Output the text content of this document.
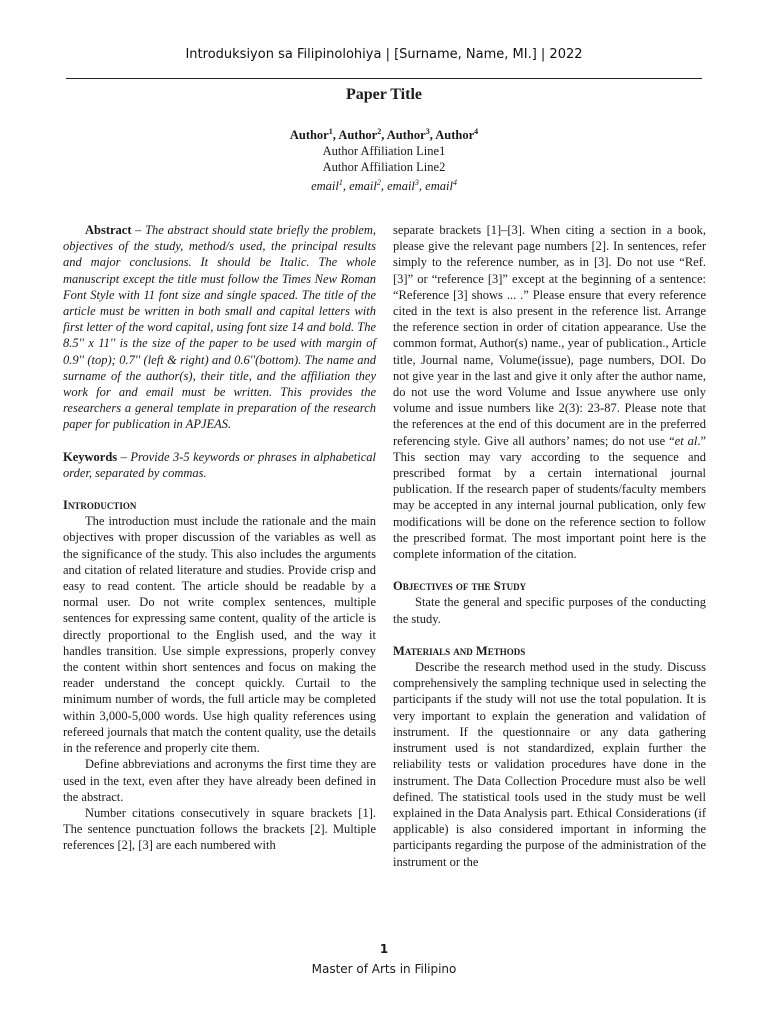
Introduksiyon sa Filipinolohiya | [Surname, Name, MI.] | 2022
Paper Title
Author$^1$, Author$^2$, Author$^3$, Author$^4$
Author Affiliation Line1
Author Affiliation Line2
email$^1$, email$^2$, email$^3$, email$^4$

Abstract – The abstract should state briefly the problem, objectives of the study, method/s used, the principal results and major conclusions. It should be Italic. The whole manuscript except the title must follow the Times New Roman Font Style with 11 font size and single spaced. The title of the article must be written in both small and capital letters with first letter of the word capital, using font size 14 and bold. The 8.5'' x 11'' is the size of the paper to be used with margin of 0.9'' (top); 0.7'' (left & right) and 0.6''(bottom). The name and surname of the author(s), their title, and the affiliation they work for and email must be written. This provides the researchers a general template in preparation of the research paper for publication in APJEAS.

Keywords – Provide 3-5 keywords or phrases in alphabetical order, separated by commas.

Introduction

The introduction must include the rationale and the main objectives with proper discussion of the variables as well as the significance of the study. This also includes the arguments and citation of related literature and studies. Provide crisp and easy to read content. The article should be readable by a normal user. Do not write complex sentences, multiple sentences for expressing same content, quality of the article is directly proportional to the English used, and the way it handles transition. Use simple expressions, properly convey the content within short sentences and focus on making the reader understand the concept quickly. Curtail to the minimum number of words, the full article may be completed within 3,000-5,000 words. Use high quality references using refereed journals that match the content quality, use the details in the reference and properly cite them.

Define abbreviations and acronyms the first time they are used in the text, even after they have already been defined in the abstract.

Number citations consecutively in square brackets [1]. The sentence punctuation follows the brackets [2]. Multiple references [2], [3] are each numbered with

separate brackets [1]–[3]. When citing a section in a book, please give the relevant page numbers [2]. In sentences, refer simply to the reference number, as in [3]. Do not use “Ref. [3]” or “reference [3]” except at the beginning of a sentence: “Reference [3] shows ... .” Please ensure that every reference cited in the text is also present in the reference list. Arrange the reference section in order of citation appearance. Use the common format, Author(s) name., year of publication., Article title, Journal name, Volume(issue), page numbers, DOI. Do not give year in the last and give it only after the author name, do not use the word Volume and Issue anywhere use only volume and issue numbers like 2(3): 23-87. Please note that the references at the end of this document are in the preferred referencing style. Give all authors’ names; do not use “et al.” This section may vary according to the sequence and prescribed format by a certain international journal publication. If the research paper of students/faculty members may be accepted in any internal journal publication, only few modifications will be done on the reference section to follow the prescribed format. The most important point here is the complete information of the citation.

Objectives of the Study

State the general and specific purposes of the conducting the study.

Materials and Methods

Describe the research method used in the study. Discuss comprehensively the sampling technique used in selecting the participants if the study will not use the total population. It is very important to explain the generation and validation of instrument. If the questionnaire or any data gathering instrument used is not standardized, explain further the reliability tests or validation procedures have done in the instrument. The Data Collection Procedure must also be well defined. The statistical tools used in the study must be well explained in the Data Analysis part. Ethical Considerations (if applicable) is also considered important in informing the participants regarding the purpose of the administration of the instrument or the

1
Master of Arts in Filipino
